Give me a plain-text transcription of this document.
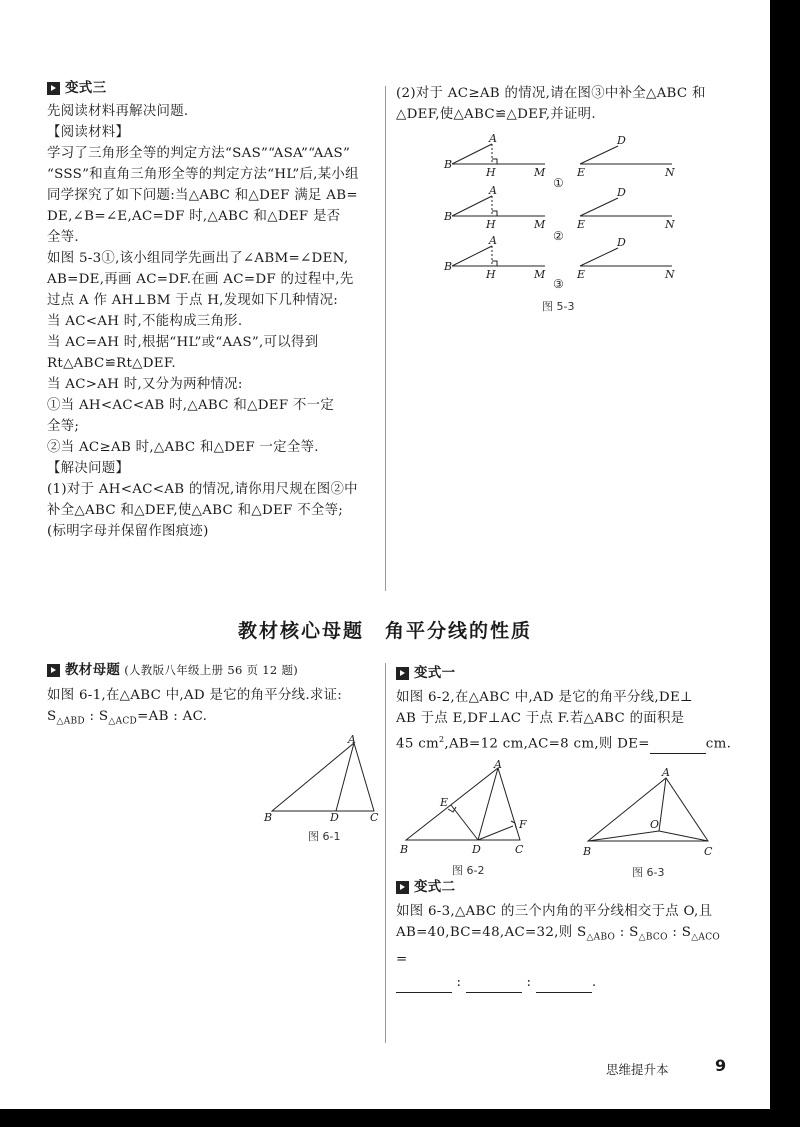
变式三

先阅读材料再解决问题.

【阅读材料】

学习了三角形全等的判定方法“SAS”“ASA”“AAS”

“SSS”和直角三角形全等的判定方法“HL”后,某小组

同学探究了如下问题:当△ABC 和△DEF 满足 AB=

DE,∠B=∠E,AC=DF 时,△ABC 和△DEF 是否

全等.

如图 5-3①,该小组同学先画出了∠ABM=∠DEN,

AB=DE,再画 AC=DF.在画 AC=DF 的过程中,先

过点 A 作 AH⊥BM 于点 H,发现如下几种情况:

当 AC<AH 时,不能构成三角形.

当 AC=AH 时,根据“HL”或“AAS”,可以得到

Rt△ABC≌Rt△DEF.

当 AC>AH 时,又分为两种情况:

①当 AH<AC<AB 时,△ABC 和△DEF 不一定

全等;

②当 AC≥AB 时,△ABC 和△DEF 一定全等.

【解决问题】

(1)对于 AH<AC<AB 的情况,请你用尺规在图②中

补全△ABC 和△DEF,使△ABC 和△DEF 不全等;

(标明字母并保留作图痕迹)

(2)对于 AC≥AB 的情况,请在图③中补全△ABC 和

△DEF,使△ABC≌△DEF,并证明.

A
B
H	M
D
E	N
A
B
H	M
D
E	N
A
B
H	M
D
E	N
①
②
③
图 5-3
教材核心母题　角平分线的性质
教材母题 (人教版八年级上册 56 页 12 题)

如图 6-1,在△ABC 中,AD 是它的角平分线.求证:

$S_{\triangle ABD}$ : $S_{\triangle ACD}=AB$ : AC.

A
B	D	C
图 6-1
变式一

如图 6-2,在△ABC 中,AD 是它的角平分线,DE⊥

AB 于点 E,DF⊥AC 于点 F.若△ABC 的面积是

45 $cm^2,AB=12$ cm,AC=8 cm,则 DE=	cm.

A
E
F
B	D	C
图 6-2
A
O
B	C
图 6-3
变式二

如图 6-3,△ABC 的三个内角的平分线相交于点 O,且

AB=40,BC=48,AC=32,则 $S_{\triangle ABO}$ : $S_{\triangle BCO}$ : $S_{\triangle ACO}$ =

:	:	.

思维提升本	9
